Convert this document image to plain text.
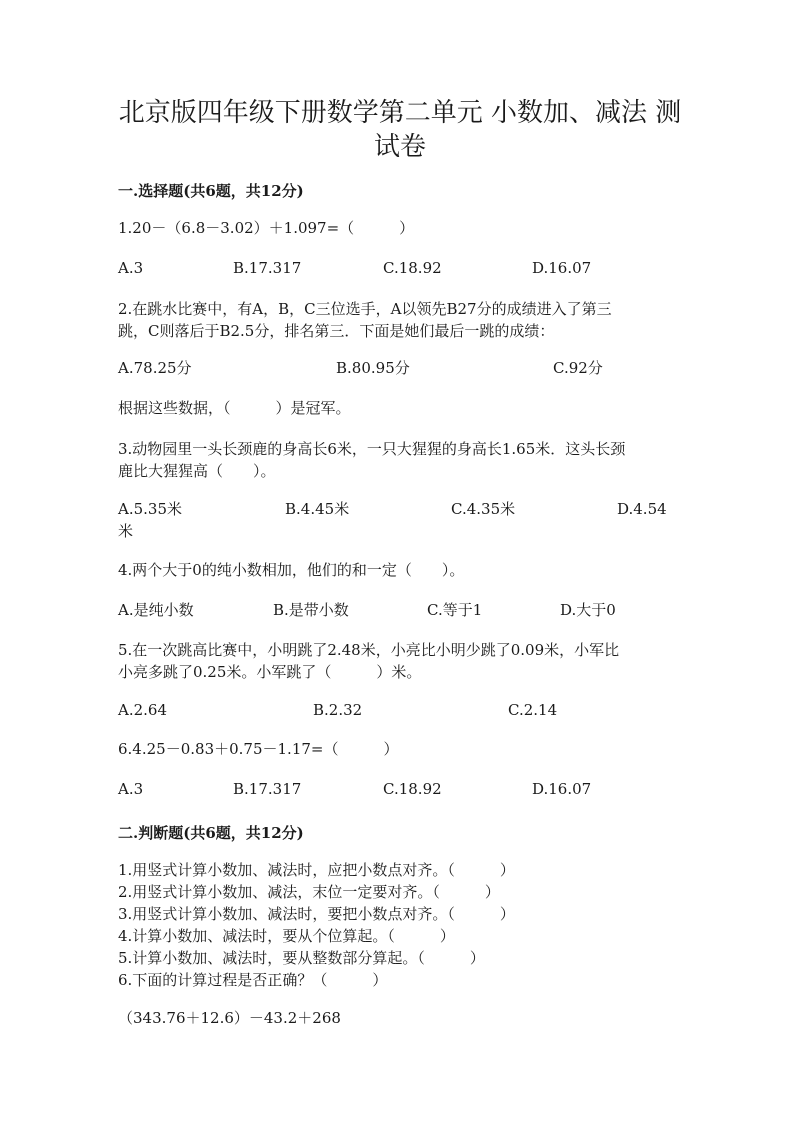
北京版四年级下册数学第二单元 小数加、减法 测
试卷
一.选择题(共6题，共12分)
1.20－（6.8－3.02）＋1.097=（　　　）
A.3	B.17.317	C.18.92	D.16.07
2.在跳水比赛中，有A，B，C三位选手，A以领先B27分的成绩进入了第三
跳，C则落后于B2.5分，排名第三．下面是她们最后一跳的成绩：
A.78.25分	B.80.95分	C.92分
根据这些数据，（　　　）是冠军。
3.动物园里一头长颈鹿的身高长6米，一只大猩猩的身高长1.65米．这头长颈
鹿比大猩猩高（　　）。
A.5.35米	B.4.45米	C.4.35米	D.4.54
米
4.两个大于0的纯小数相加，他们的和一定（　　）。
A.是纯小数	B.是带小数	C.等于1	D.大于0
5.在一次跳高比赛中，小明跳了2.48米，小亮比小明少跳了0.09米，小军比
小亮多跳了0.25米。小军跳了（　　　）米。
A.2.64	B.2.32	C.2.14
6.4.25－0.83＋0.75－1.17=（　　　）
A.3	B.17.317	C.18.92	D.16.07
二.判断题(共6题，共12分)
1.用竖式计算小数加、减法时，应把小数点对齐。（　　　）
2.用竖式计算小数加、减法，末位一定要对齐。（　　　）
3.用竖式计算小数加、减法时，要把小数点对齐。（　　　）
4.计算小数加、减法时，要从个位算起。（　　　）
5.计算小数加、减法时，要从整数部分算起。（　　　）
6.下面的计算过程是否正确？（　　　）
（343.76＋12.6）－43.2＋268
